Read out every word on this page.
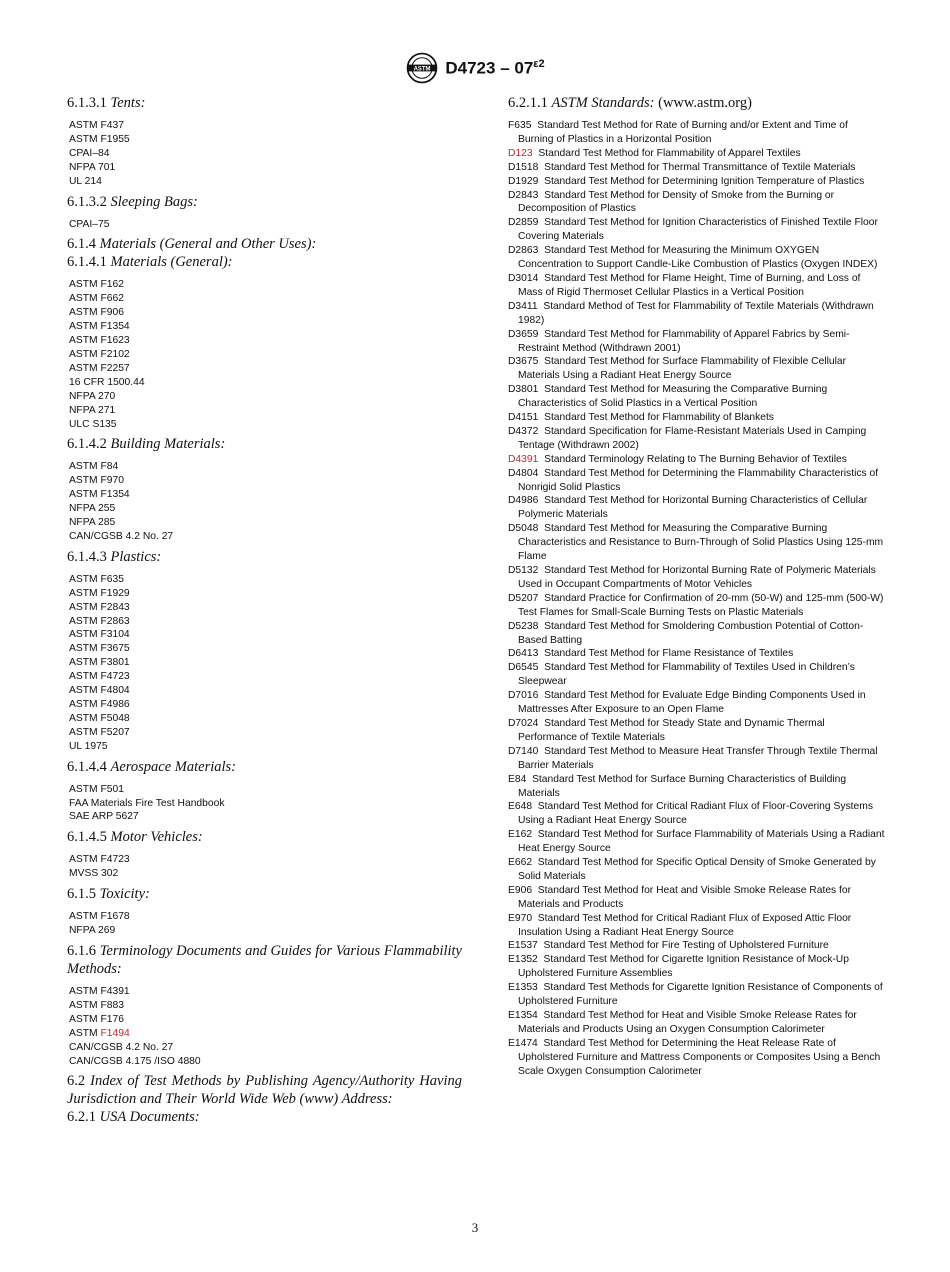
ASTM $D4723 - 07^{\varepsilon 2}$
6.1.3.1 Tents:
ASTM F437
ASTM F1955
CPAI–84
NFPA 701
UL 214
6.1.3.2 Sleeping Bags:
CPAI–75
6.1.4 Materials (General and Other Uses):
6.1.4.1 Materials (General):
ASTM F162
ASTM F662
ASTM F906
ASTM F1354
ASTM F1623
ASTM F2102
ASTM F2257
16 CFR 1500.44
NFPA 270
NFPA 271
ULC S135
6.1.4.2 Building Materials:
ASTM F84
ASTM F970
ASTM F1354
NFPA 255
NFPA 285
CAN/CGSB 4.2 No. 27
6.1.4.3 Plastics:
ASTM F635
ASTM F1929
ASTM F2843
ASTM F2863
ASTM F3104
ASTM F3675
ASTM F3801
ASTM F4723
ASTM F4804
ASTM F4986
ASTM F5048
ASTM F5207
UL 1975
6.1.4.4 Aerospace Materials:
ASTM F501
FAA Materials Fire Test Handbook
SAE ARP 5627
6.1.4.5 Motor Vehicles:
ASTM F4723
MVSS 302
6.1.5 Toxicity:
ASTM F1678
NFPA 269
6.1.6 Terminology Documents and Guides for Various Flammability Methods:
ASTM F4391
ASTM F883
ASTM F176
ASTM F1494
CAN/CGSB 4.2 No. 27
CAN/CGSB 4.175 /ISO 4880
6.2 Index of Test Methods by Publishing Agency/Authority Having Jurisdiction and Their World Wide Web (www) Address:
6.2.1 USA Documents:
6.2.1.1 ASTM Standards: (www.astm.org)
F635 Standard Test Method for Rate of Burning and/or Extent and Time of Burning of Plastics in a Horizontal Position
D123 Standard Test Method for Flammability of Apparel Textiles
D1518 Standard Test Method for Thermal Transmittance of Textile Materials
D1929 Standard Test Method for Determining Ignition Temperature of Plastics
D2843 Standard Test Method for Density of Smoke from the Burning or Decomposition of Plastics
D2859 Standard Test Method for Ignition Characteristics of Finished Textile Floor Covering Materials
D2863 Standard Test Method for Measuring the Minimum OXYGEN Concentration to Support Candle-Like Combustion of Plastics (Oxygen INDEX)
D3014 Standard Test Method for Flame Height, Time of Burning, and Loss of Mass of Rigid Thermoset Cellular Plastics in a Vertical Position
D3411 Standard Method of Test for Flammability of Textile Materials (Withdrawn 1982)
D3659 Standard Test Method for Flammability of Apparel Fabrics by Semi-Restraint Method (Withdrawn 2001)
D3675 Standard Test Method for Surface Flammability of Flexible Cellular Materials Using a Radiant Heat Energy Source
D3801 Standard Test Method for Measuring the Comparative Burning Characteristics of Solid Plastics in a Vertical Position
D4151 Standard Test Method for Flammability of Blankets
D4372 Standard Specification for Flame-Resistant Materials Used in Camping Tentage (Withdrawn 2002)
D4391 Standard Terminology Relating to The Burning Behavior of Textiles
D4804 Standard Test Method for Determining the Flammability Characteristics of Nonrigid Solid Plastics
D4986 Standard Test Method for Horizontal Burning Characteristics of Cellular Polymeric Materials
D5048 Standard Test Method for Measuring the Comparative Burning Characteristics and Resistance to Burn-Through of Solid Plastics Using 125-mm Flame
D5132 Standard Test Method for Horizontal Burning Rate of Polymeric Materials Used in Occupant Compartments of Motor Vehicles
D5207 Standard Practice for Confirmation of 20-mm (50-W) and 125-mm (500-W) Test Flames for Small-Scale Burning Tests on Plastic Materials
D5238 Standard Test Method for Smoldering Combustion Potential of Cotton-Based Batting
D6413 Standard Test Method for Flame Resistance of Textiles
D6545 Standard Test Method for Flammability of Textiles Used in Children’s Sleepwear
D7016 Standard Test Method for Evaluate Edge Binding Components Used in Mattresses After Exposure to an Open Flame
D7024 Standard Test Method for Steady State and Dynamic Thermal Performance of Textile Materials
D7140 Standard Test Method to Measure Heat Transfer Through Textile Thermal Barrier Materials
E84 Standard Test Method for Surface Burning Characteristics of Building Materials
E648 Standard Test Method for Critical Radiant Flux of Floor-Covering Systems Using a Radiant Heat Energy Source
E162 Standard Test Method for Surface Flammability of Materials Using a Radiant Heat Energy Source
E662 Standard Test Method for Specific Optical Density of Smoke Generated by Solid Materials
E906 Standard Test Method for Heat and Visible Smoke Release Rates for Materials and Products
E970 Standard Test Method for Critical Radiant Flux of Exposed Attic Floor Insulation Using a Radiant Heat Energy Source
E1537 Standard Test Method for Fire Testing of Upholstered Furniture
E1352 Standard Test Method for Cigarette Ignition Resistance of Mock-Up Upholstered Furniture Assemblies
E1353 Standard Test Methods for Cigarette Ignition Resistance of Components of Upholstered Furniture
E1354 Standard Test Method for Heat and Visible Smoke Release Rates for Materials and Products Using an Oxygen Consumption Calorimeter
E1474 Standard Test Method for Determining the Heat Release Rate of Upholstered Furniture and Mattress Components or Composites Using a Bench Scale Oxygen Consumption Calorimeter
3
